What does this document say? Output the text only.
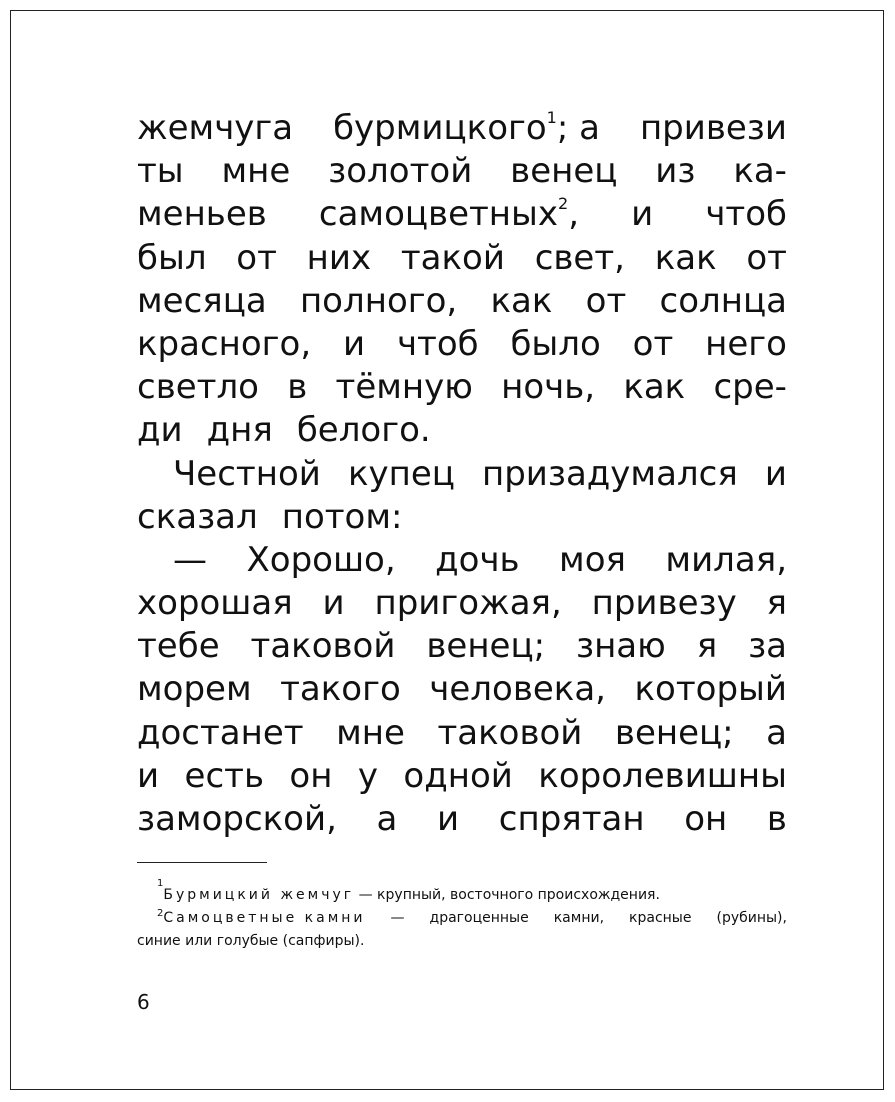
жемчуга бурмицкого$^1$; а привези
ты мне золотой венец из ка-
меньев самоцветных$^2$, и чтоб
был от них такой свет, как от
месяца полного, как от солнца
красного, и чтоб было от него
светло в тёмную ночь, как сре-
ди дня белого.
Честной купец призадумался и
сказал потом:
— Хорошо, дочь моя милая,
хорошая и пригожая, привезу я
тебе таковой венец; знаю я за
морем такого человека, который
достанет мне таковой венец; а
и есть он у одной королевишны
заморской, а и спрятан он в
1
Бурмицкий жемчуг
— крупный, восточного происхождения.
$^2$Самоцветные камни — драгоценные камни, красные (рубины),
синие или голубые (сапфиры).
6
